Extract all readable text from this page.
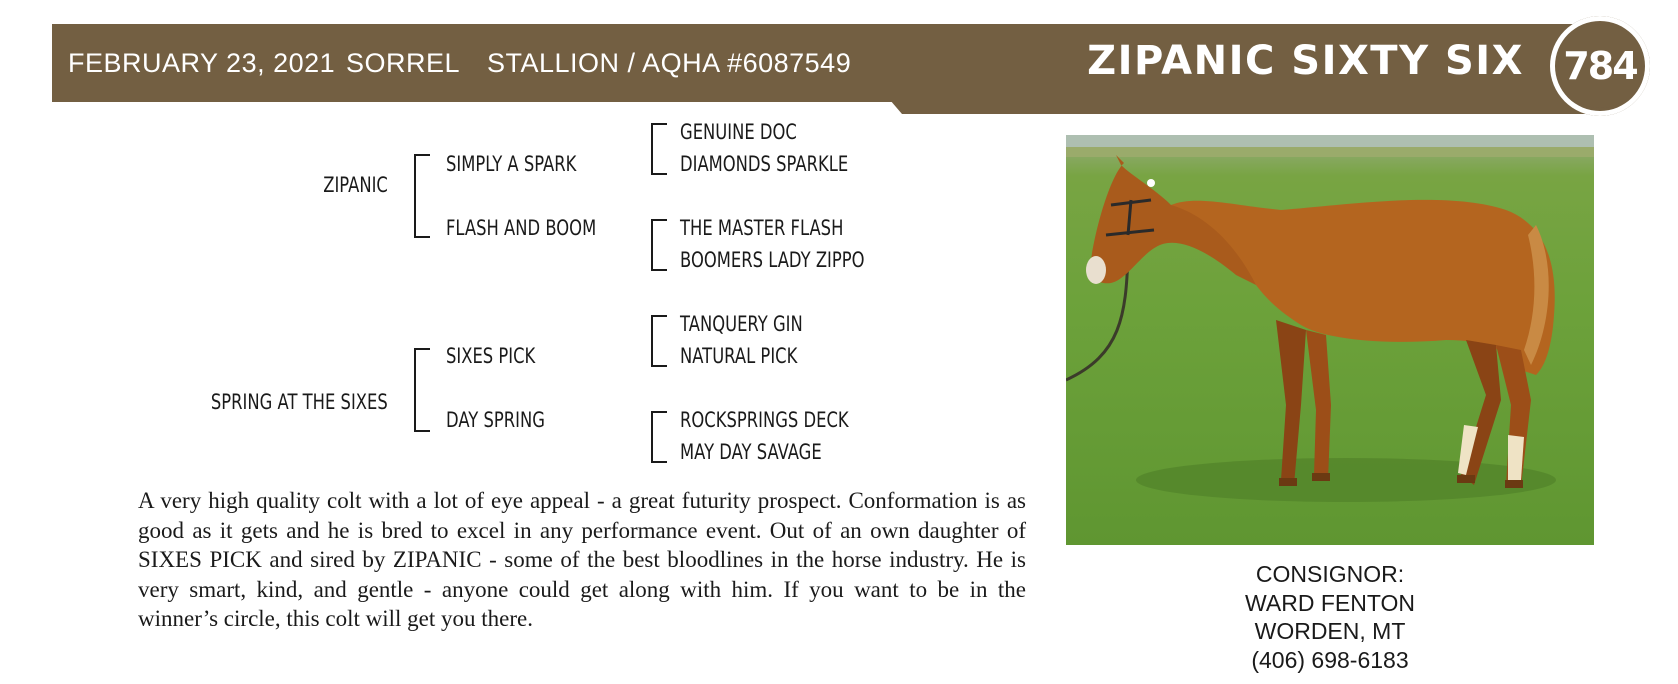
FEBRUARY 23, 2021 SORREL STALLION / AQHA #6087549	ZIPANIC SIXTY SIX 784
ZIPANIC
SPRING AT THE SIXES
SIMPLY A SPARK
FLASH AND BOOM
SIXES PICK
DAY SPRING
GENUINE DOC
DIAMONDS SPARKLE
THE MASTER FLASH
BOOMERS LADY ZIPPO
TANQUERY GIN
NATURAL PICK
ROCKSPRINGS DECK
MAY DAY SAVAGE
A very high quality colt with a lot of eye appeal - a great futurity prospect. Conformation is as good as it gets and he is bred to excel in any performance event. Out of an own daughter of SIXES PICK and sired by ZIPANIC - some of the best bloodlines in the horse industry. He is very smart, kind, and gentle - anyone could get along with him. If you want to be in the winner’s circle, this colt will get you there.
CONSIGNOR:
WARD FENTON
WORDEN, MT
(406) 698-6183
